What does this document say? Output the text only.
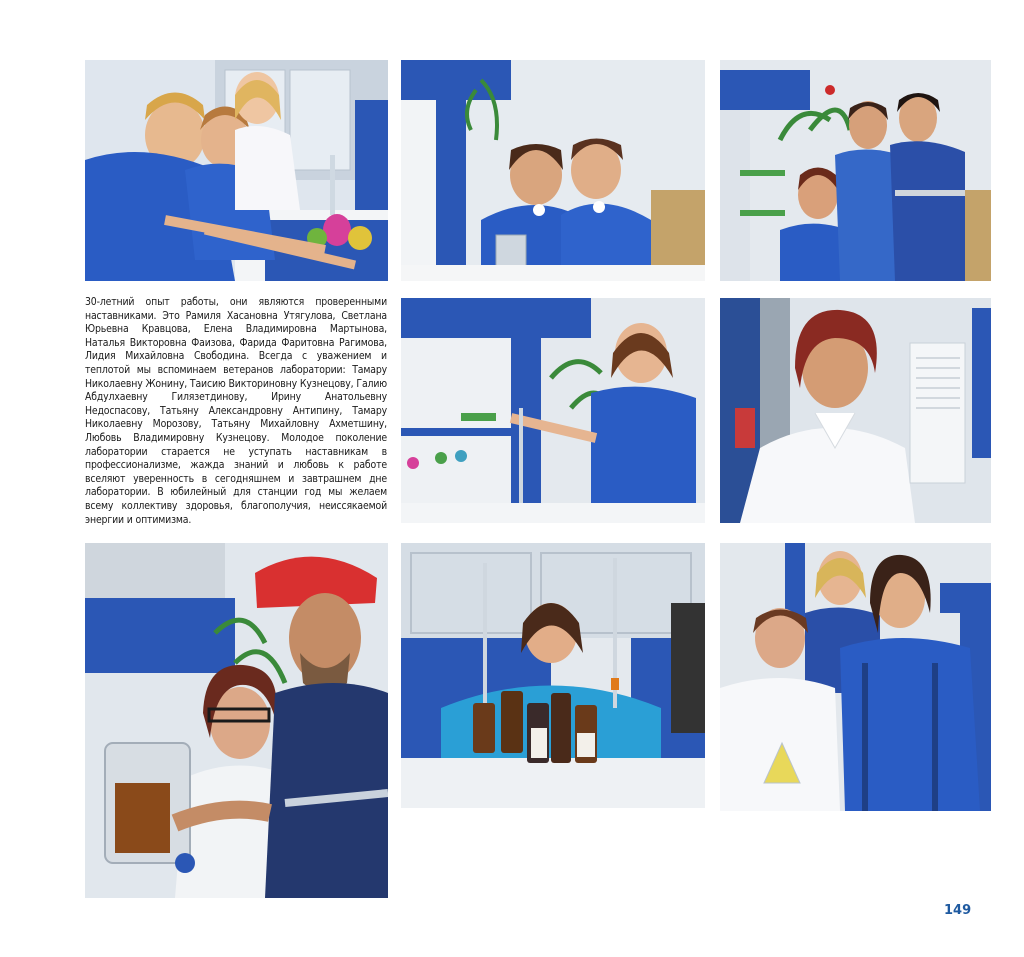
30-летний опыт работы, они являются проверенными наставниками. Это Рамиля Хасановна Утягулова, Светлана Юрьевна Кравцова, Елена Владимировна Мартынова, Наталья Викторовна Фаизова, Фарида Фаритовна Рагимова, Лидия Михайловна Свободина. Всегда с уважением и теплотой мы вспоминаем ветеранов лаборатории: Тамару Николаевну Жонину, Таисию Викториновну Кузнецову, Галию Абдулхаевну Гилязетдинову, Ирину Анатольевну Недоспасову, Татьяну Александровну Антипину, Тамару Николаевну Морозову, Татьяну Михайловну Ахметшину, Любовь Владимировну Кузнецову. Молодое поколение лаборатории старается не уступать наставникам в профессионализме, жажда знаний и любовь к работе вселяют уверенность в сегодняшнем и завтрашнем дне лаборатории. В юбилейный для станции год мы желаем всему коллективу здоровья, благополучия, неиссякаемой энергии и оптимизма.

149
